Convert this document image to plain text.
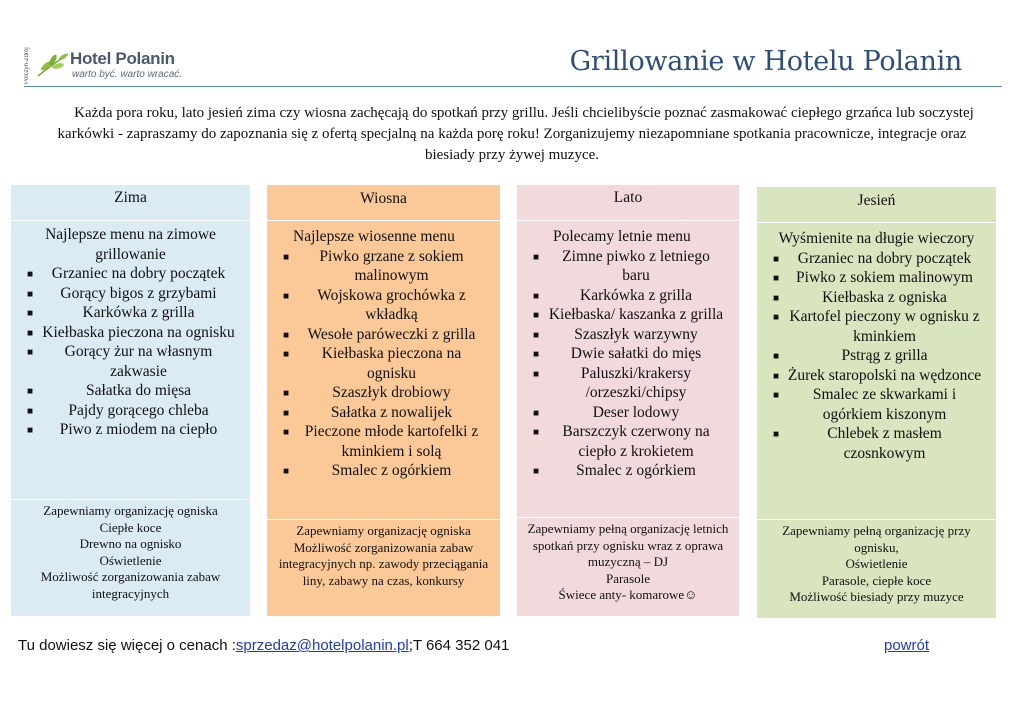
Polczyn-Zdrój Hotel Polanin
warto być. warto wracać.	Grillowanie w Hotelu Polanin
Każda pora roku, lato jesień zima czy wiosna zachęcają do spotkań przy grillu. Jeśli chcielibyście poznać zasmakować ciepłego grzańca lub soczystej karkówki - zapraszamy do zapoznania się z ofertą specjalną na każda porę roku! Zorganizujemy niezapomniane spotkania pracownicze, integracje oraz biesiady przy żywej muzyce.
Zima
Najlepsze menu na zimowe grillowanie
■ Grzaniec na dobry początek
■ Gorący bigos z grzybami
■	Karkówka z grilla
■ Kiełbaska pieczona na ognisku
■ Gorący żur na własnym zakwasie
■	Sałatka do mięsa
■ Pajdy gorącego chleba
■ Piwo z miodem na ciepło
Zapewniamy organizację ogniska
Ciepłe koce
Drewno na ognisko
Oświetlenie
Możliwość zorganizowania zabaw integracyjnych
Wiosna
Najlepsze wiosenne menu
■ Piwko grzane z sokiem malinowym
■ Wojskowa grochówka z wkładką
■ Wesołe paróweczki z grilla
■ Kiełbaska pieczona na ognisku
■	Szaszłyk drobiowy
■	Sałatka z nowalijek
■ Pieczone młode kartofelki z kminkiem i solą
■	Smalec z ogórkiem
Zapewniamy organizację ogniska
Możliwość zorganizowania zabaw integracyjnych np. zawody przeciągania liny, zabawy na czas, konkursy
Lato
Polecamy letnie menu
■ Zimne piwko z letniego baru
■	Karkówka z grilla
■ Kiełbaska/ kaszanka z grilla
■ Szaszłyk warzywny
■ Dwie sałatki do mięs
■	Paluszki/krakersy /orzeszki/chipsy
■	Deser lodowy
■ Barszczyk czerwony na ciepło z krokietem
■ Smalec z ogórkiem
Zapewniamy pełną organizację letnich spotkań przy ognisku wraz z oprawa muzyczną – DJ
Parasole
Świece anty- komarowe☺
Jesień
Wyśmienite na długie wieczory
■ Grzaniec na dobry początek
■ Piwko z sokiem malinowym
■	Kiełbaska z ogniska
■ Kartofel pieczony w ognisku z kminkiem
■	Pstrąg z grilla
■ Żurek staropolski na wędzonce
■ Smalec ze skwarkami i ogórkiem kiszonym
■	Chlebek z masłem czosnkowym
Zapewniamy pełną organizację przy ognisku,
Oświetlenie
Parasole, ciepłe koce
Możliwość biesiady przy muzyce
Tu dowiesz się więcej o cenach :sprzedaz@hotelpolanin.pl;T 664 352 041	powrót
